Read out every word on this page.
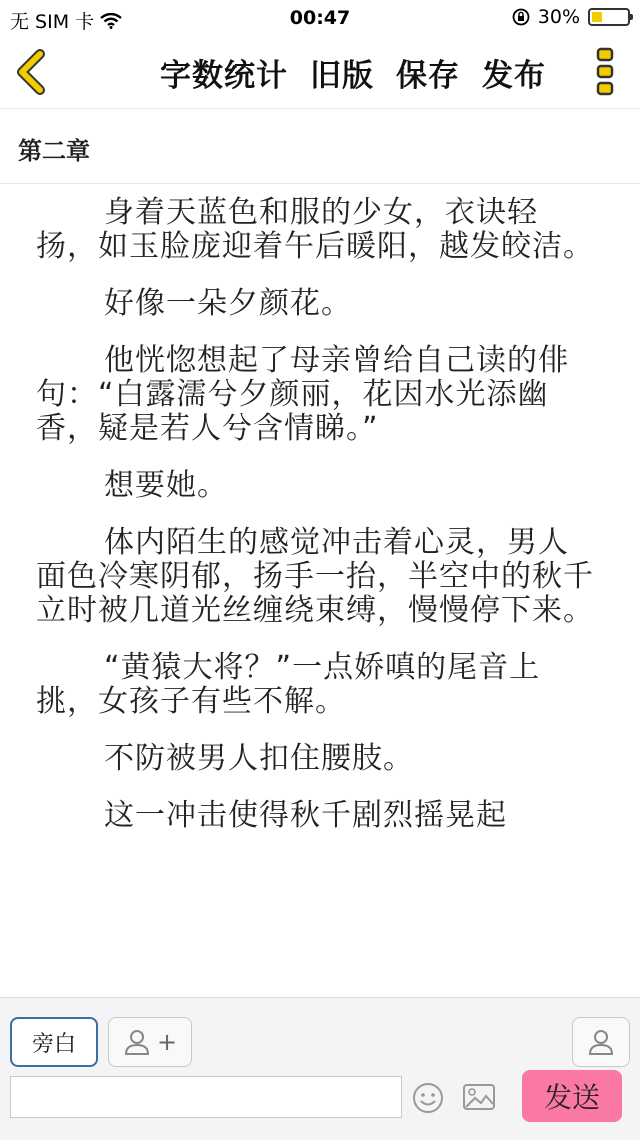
无 SIM 卡	00:47	30%
字数统计 旧版 保存 发布
第二章

身着天蓝色和服的少女，衣诀轻扬，如玉脸庞迎着午后暖阳，越发皎洁。

好像一朵夕颜花。

他恍惚想起了母亲曾给自己读的俳句：“白露濡兮夕颜丽，花因水光添幽香，疑是若人兮含情睇。”

想要她。

体内陌生的感觉冲击着心灵，男人面色冷寒阴郁，扬手一抬，半空中的秋千立时被几道光丝缠绕束缚，慢慢停下来。

“黄猿大将？”一点娇嗔的尾音上挑，女孩子有些不解。

不防被男人扣住腰肢。

这一冲击使得秋千剧烈摇晃起

旁白	+
发送
